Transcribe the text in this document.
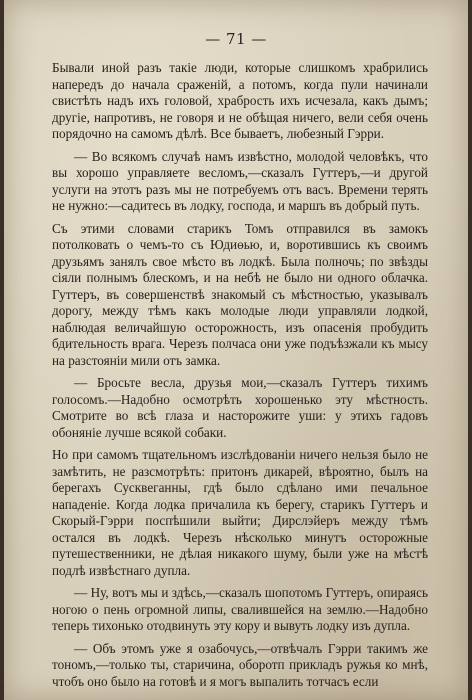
— 71 —

Бывали иной разъ такіе люди, которые слишкомъ храбрились напередъ до начала сраженій, а потомъ, когда пули начинали свистѣть надъ ихъ головой, храбрость ихъ исчезала, какъ дымъ; другіе, напротивъ, не говоря и не обѣщая ничего, вели себя очень порядочно на самомъ дѣлѣ. Все бываетъ, любезный Гэрри.

— Во всякомъ случаѣ намъ извѣстно, молодой человѣкъ, что вы хорошо управляете весломъ,—сказалъ Гуттеръ,—и другой услуги на этотъ разъ мы не потребуемъ отъ васъ. Времени терять не нужно:—садитесь въ лодку, господа, и маршъ въ добрый путь.

Съ этими словами старикъ Томъ отправился въ замокъ потолковать о чемъ-то съ Юдиѳью, и, воротившись къ своимъ друзьямъ занялъ свое мѣсто въ лодкѣ. Была полночь; по звѣзды сіяли полнымъ блескомъ, и на небѣ не было ни одного облачка. Гуттеръ, въ совершенствѣ знакомый съ мѣстностью, указывалъ дорогу, между тѣмъ какъ молодые люди управляли лодкой, наблюдая величайшую осторожность, изъ опасенія пробудить бдительность врага. Черезъ полчаса они уже подъѣзжали къ мысу на разстояніи мили отъ замка.

— Бросьте весла, друзья мои,—сказалъ Гуттеръ тихимъ голосомъ.—Надобно осмотрѣть хорошенько эту мѣстность. Смотрите во всѣ глаза и насторожите уши: у этихъ гадовъ обоняніе лучше всякой собаки.

Но при самомъ тщательномъ изслѣдованіи ничего нельзя было не замѣтить, не разсмотрѣть: притонъ дикарей, вѣроятно, былъ на берегахъ Сусквеганны, гдѣ было сдѣлано ими печальное нападеніе. Когда лодка причалила къ берегу, старикъ Гуттеръ и Скорый-Гэрри поспѣшили выйти; Дирслэйеръ между тѣмъ остался въ лодкѣ. Черезъ нѣсколько минутъ осторожные путешественники, не дѣлая никакого шуму, были уже на мѣстѣ подлѣ извѣстнаго дупла.

— Ну, вотъ мы и здѣсь,—сказалъ шопотомъ Гуттеръ, опираясь ногою о пень огромной липы, свалившейся на землю.—Надобно теперь тихонько отодвинуть эту кору и вывуть лодку изъ дупла.

— Объ этомъ уже я озабочусь,—отвѣчалъ Гэрри такимъ же тономъ,—только ты, старичина, оборотп прикладъ ружья ко мнѣ, чтобъ оно было на готовѣ и я могъ выпалить тотчасъ если
